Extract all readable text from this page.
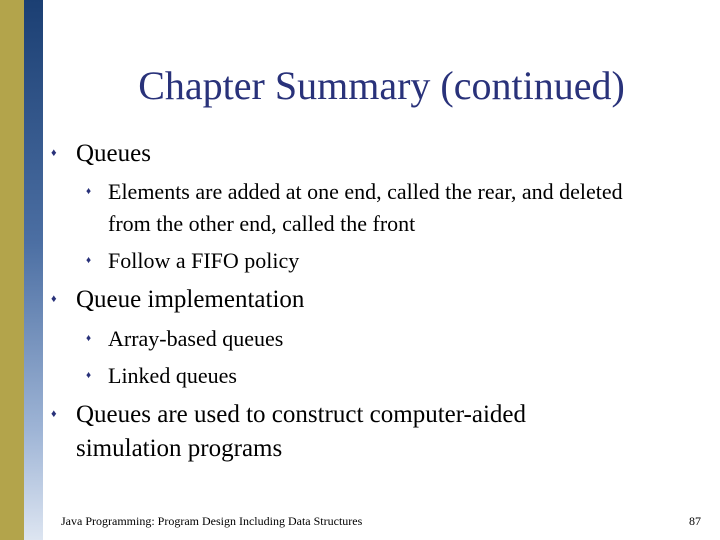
Chapter Summary (continued)
♦ Queues
♦ Elements are added at one end, called the rear, and deleted from the other end, called the front
♦ Follow a FIFO policy
♦ Queue implementation
♦ Array-based queues
♦ Linked queues
♦ Queues are used to construct computer-aided simulation programs
Java Programming: Program Design Including Data Structures	87
